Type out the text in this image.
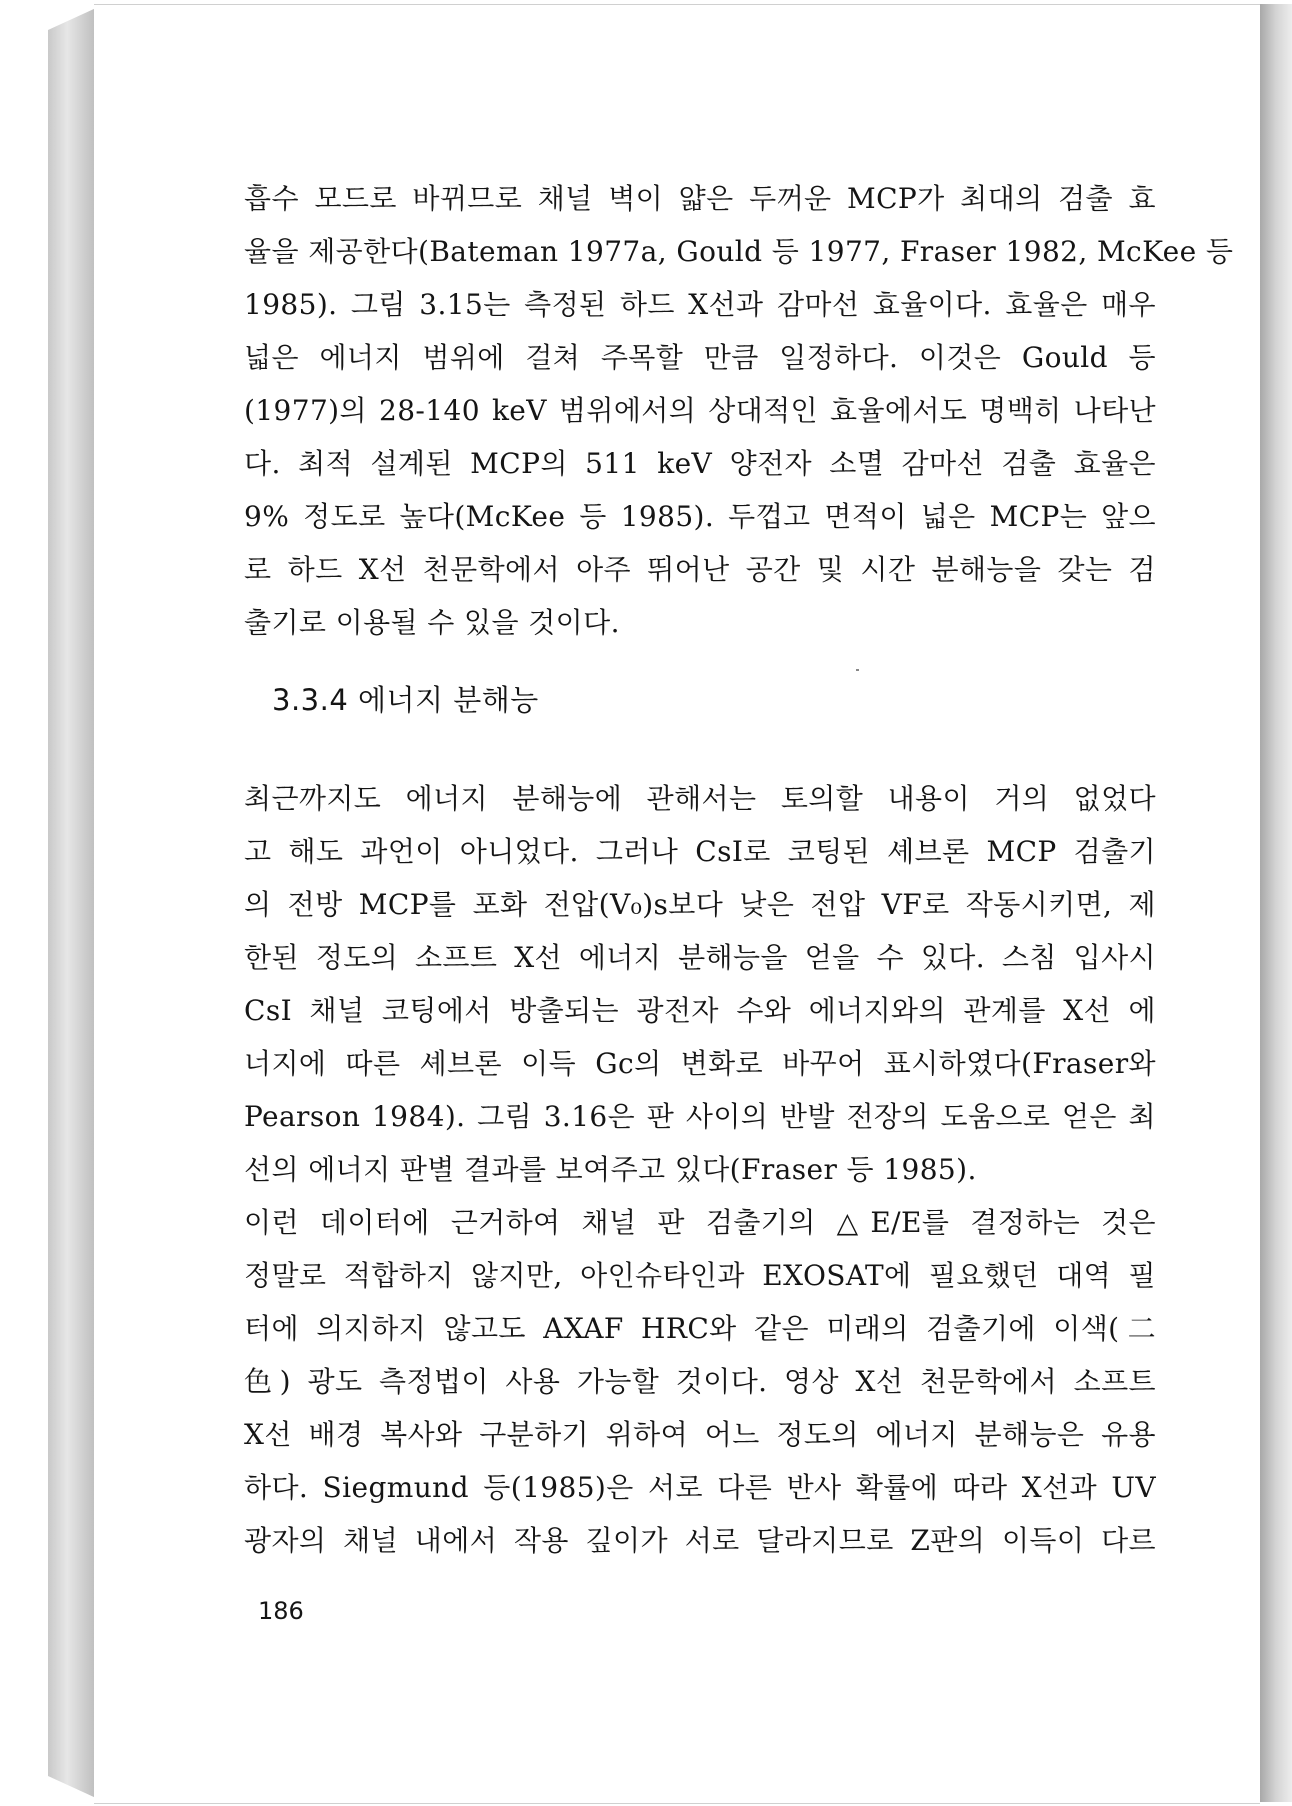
흡수 모드로 바뀌므로 채널 벽이 얇은 두꺼운 MCP가 최대의 검출 효
율을 제공한다(Bateman 1977a, Gould 등 1977, Fraser 1982, McKee 등
1985). 그림 3.15는 측정된 하드 X선과 감마선 효율이다. 효율은 매우
넓은 에너지 범위에 걸쳐 주목할 만큼 일정하다. 이것은 Gould 등
(1977)의 28-140 keV 범위에서의 상대적인 효율에서도 명백히 나타난
다. 최적 설계된 MCP의 511 keV 양전자 소멸 감마선 검출 효율은
9% 정도로 높다(McKee 등 1985). 두껍고 면적이 넓은 MCP는 앞으
로 하드 X선 천문학에서 아주 뛰어난 공간 및 시간 분해능을 갖는 검
출기로 이용될 수 있을 것이다.
3.3.4 에너지 분해능
최근까지도 에너지 분해능에 관해서는 토의할 내용이 거의 없었다
고 해도 과언이 아니었다. 그러나 CsI로 코팅된 셰브론 MCP 검출기
의 전방 MCP를 포화 전압(V₀)s보다 낮은 전압 VF로 작동시키면, 제
한된 정도의 소프트 X선 에너지 분해능을 얻을 수 있다. 스침 입사시
CsI 채널 코팅에서 방출되는 광전자 수와 에너지와의 관계를 X선 에
너지에 따른 셰브론 이득 Gc의 변화로 바꾸어 표시하였다(Fraser와
Pearson 1984). 그림 3.16은 판 사이의 반발 전장의 도움으로 얻은 최
선의 에너지 판별 결과를 보여주고 있다(Fraser 등 1985).
이런 데이터에 근거하여 채널 판 검출기의 △E/E를 결정하는 것은
정말로 적합하지 않지만, 아인슈타인과 EXOSAT에 필요했던 대역 필
터에 의지하지 않고도 AXAF HRC와 같은 미래의 검출기에 이색(二
色) 광도 측정법이 사용 가능할 것이다. 영상 X선 천문학에서 소프트
X선 배경 복사와 구분하기 위하여 어느 정도의 에너지 분해능은 유용
하다. Siegmund 등(1985)은 서로 다른 반사 확률에 따라 X선과 UV
광자의 채널 내에서 작용 깊이가 서로 달라지므로 Z판의 이득이 다르
186
